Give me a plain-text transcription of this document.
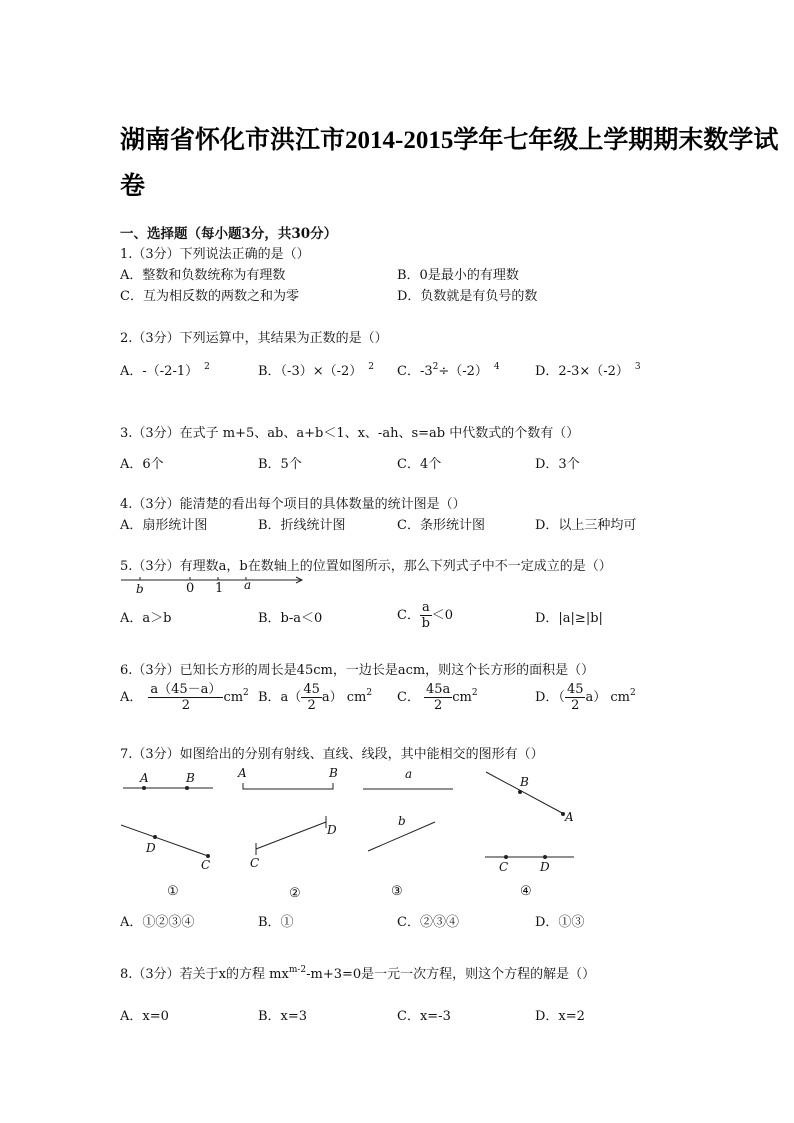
湖南省怀化市洪江市2014-2015学年七年级上学期期末数学试
卷
一、选择题（每小题3分，共30分）
1.（3分）下列说法正确的是（）
A．整数和负数统称为有理数	B．0是最小的有理数
C．互为相反数的两数之和为零	D．负数就是有负号的数
2.（3分）下列运算中，其结果为正数的是（）
A．-（-2-1） $^2$	B．（-3）×（-2） $^2$ C．$-3^2\div(-2)$ $^4$	D．2-3×（-2） $^3$
3.（3分）在式子 m+5、ab、a+b＜1、x、-ah、s=ab 中代数式的个数有（）
A．6个	B．5个	C．4个	D．3个
4.（3分）能清楚的看出每个项目的具体数量的统计图是（）
A．扇形统计图	B．折线统计图	C．条形统计图	D．以上三种均可
5.（3分）有理数a，b在数轴上的位置如图所示，那么下列式子中不一定成立的是（）
b	0 1 a
A．a＞b	B．b-a＜0	C． $\frac{a}{b} <0$	D．|a|≥|b|
6.（3分）已知长方形的周长是45cm，一边长是acm，则这个长方形的面积是（）
A． $\frac{a(45-a)}{2} cm^2$ B．$a( \frac{45}{2} a)$ $cm^2$ C． $\frac{45a}{2} cm^2$	D．（ $\frac{45}{2} a$） $cm^2$
7.（3分）如图给出的分别有射线、直线、线段，其中能相交的图形有（）
A	B
D
C
A	B
D
C
a
b
B
A
C	D
①	②	③	④
A．①②③④	B．①	C．②③④	D．①③
8.（3分）若关于x的方程 $mx^{m-2}-m+3=0$是一元一次方程，则这个方程的解是（）
A．x=0	B．x=3	C．x=-3	D．x=2
